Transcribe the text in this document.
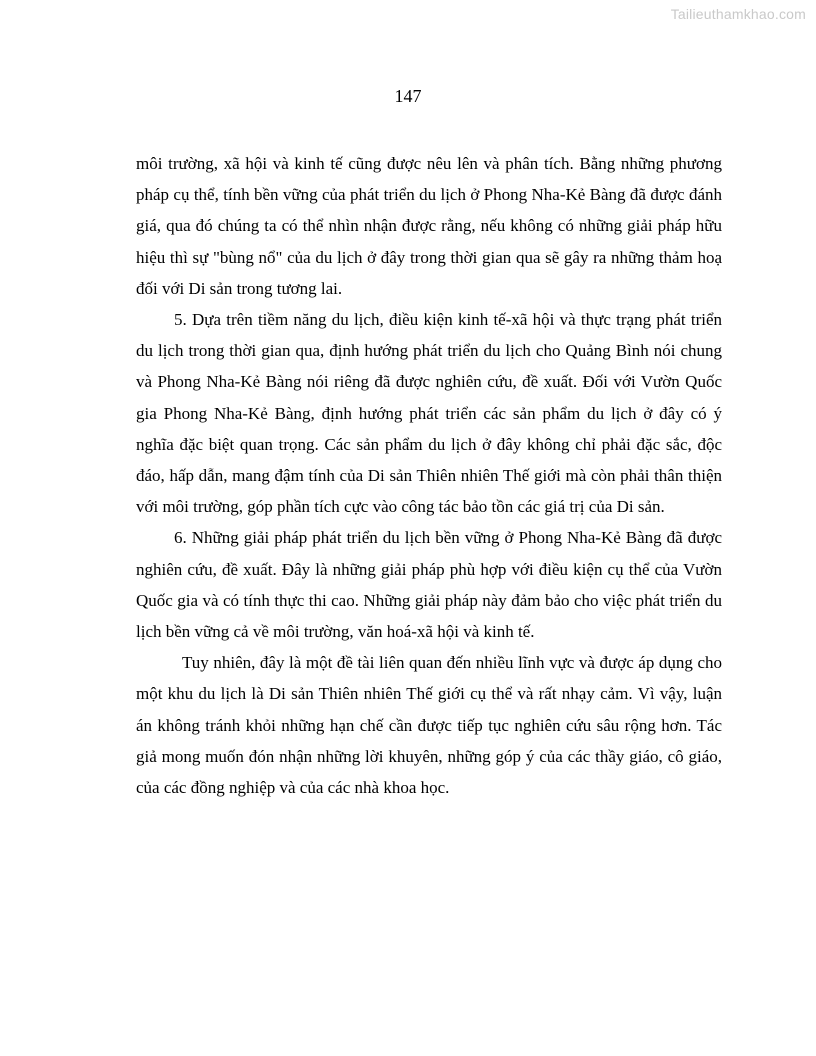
Tailieuthamkhao.com
147

môi trường, xã hội và kinh tế cũng được nêu lên và phân tích. Bằng những phương pháp cụ thể, tính bền vững của phát triển du lịch ở Phong Nha-Kẻ Bàng đã được đánh giá, qua đó chúng ta có thể nhìn nhận được rằng, nếu không có những giải pháp hữu hiệu thì sự "bùng nổ" của du lịch ở đây trong thời gian qua sẽ gây ra những thảm hoạ đối với Di sản trong tương lai.

5. Dựa trên tiềm năng du lịch, điều kiện kinh tế-xã hội và thực trạng phát triển du lịch trong thời gian qua, định hướng phát triển du lịch cho Quảng Bình nói chung và Phong Nha-Kẻ Bàng nói riêng đã được nghiên cứu, đề xuất. Đối với Vườn Quốc gia Phong Nha-Kẻ Bàng, định hướng phát triển các sản phẩm du lịch ở đây có ý nghĩa đặc biệt quan trọng. Các sản phẩm du lịch ở đây không chỉ phải đặc sắc, độc đáo, hấp dẫn, mang đậm tính của Di sản Thiên nhiên Thế giới mà còn phải thân thiện với môi trường, góp phần tích cực vào công tác bảo tồn các giá trị của Di sản.

6. Những giải pháp phát triển du lịch bền vững ở Phong Nha-Kẻ Bàng đã được nghiên cứu, đề xuất. Đây là những giải pháp phù hợp với điều kiện cụ thể của Vườn Quốc gia và có tính thực thi cao. Những giải pháp này đảm bảo cho việc phát triển du lịch bền vững cả về môi trường, văn hoá-xã hội và kinh tế.

Tuy nhiên, đây là một đề tài liên quan đến nhiều lĩnh vực và được áp dụng cho một khu du lịch là Di sản Thiên nhiên Thế giới cụ thể và rất nhạy cảm. Vì vậy, luận án không tránh khỏi những hạn chế cần được tiếp tục nghiên cứu sâu rộng hơn. Tác giả mong muốn đón nhận những lời khuyên, những góp ý của các thầy giáo, cô giáo, của các đồng nghiệp và của các nhà khoa học.
